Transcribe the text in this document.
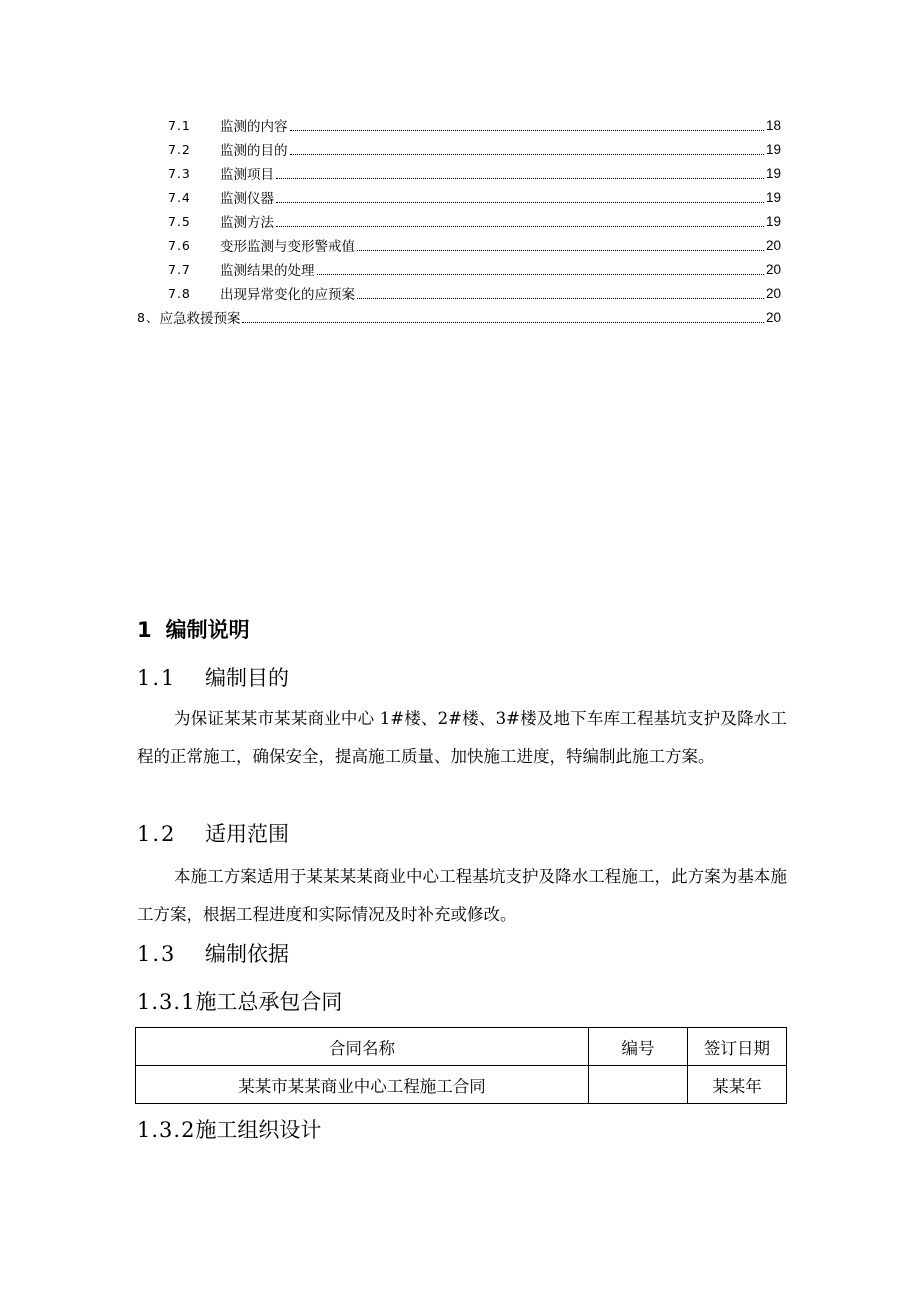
7.1	监测的内容	18
7.2	监测的目的	19
7.3	监测项目	19
7.4	监测仪器	19
7.5	监测方法	19
7.6	变形监测与变形警戒值	20
7.7	监测结果的处理	20
7.8	出现异常变化的应预案	20
8、 应急救援预案	20
1 编制说明
1.1 编制目的
为保证某某市某某商业中心 1#楼、2#楼、3#楼及地下车库工程基坑支护及降水工程的正常施工，确保安全，提高施工质量、加快施工进度，特编制此施工方案。
1.2 适用范围
本施工方案适用于某某某某商业中心工程基坑支护及降水工程施工，此方案为基本施工方案，根据工程进度和实际情况及时补充或修改。
1.3 编制依据
1.3.1施工总承包合同
合同名称	编号	签订日期
某某市某某商业中心工程施工合同		某某年
1.3.2施工组织设计
